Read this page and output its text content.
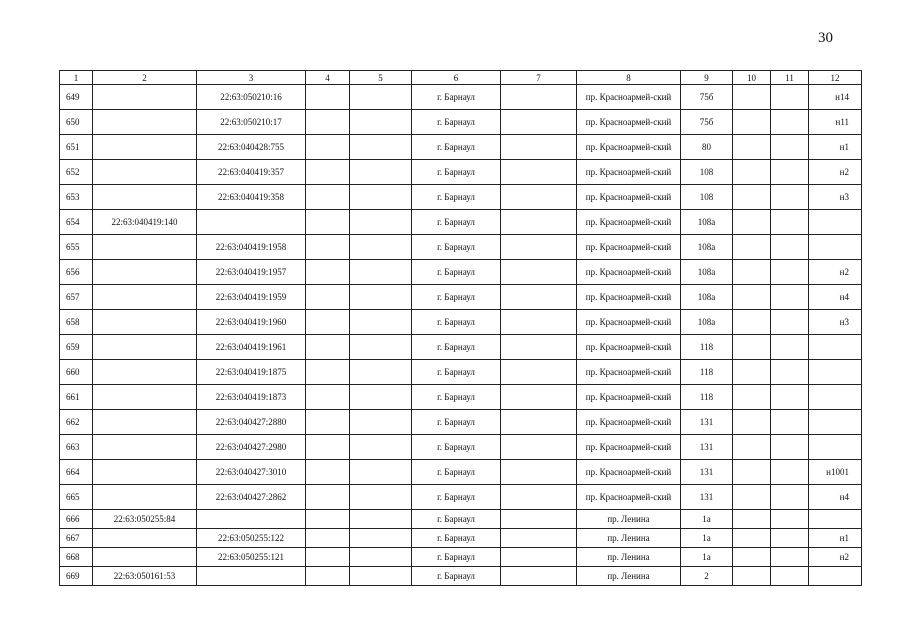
30
1	2	3	4	5	6	7	8	9	10	11	12
649		22:63:050210:16			г. Барнаул		пр. Красноармей-ский	75б			н14
650		22:63:050210:17			г. Барнаул		пр. Красноармей-ский	75б			н11
651		22:63:040428:755			г. Барнаул		пр. Красноармей-ский	80			н1
652		22:63:040419:357			г. Барнаул		пр. Красноармей-ский	108			н2
653		22:63:040419:358			г. Барнаул		пр. Красноармей-ский	108			н3
654	22:63:040419:140				г. Барнаул		пр. Красноармей-ский	108а			
655		22:63:040419:1958			г. Барнаул		пр. Красноармей-ский	108а			
656		22:63:040419:1957			г. Барнаул		пр. Красноармей-ский	108а			н2
657		22:63:040419:1959			г. Барнаул		пр. Красноармей-ский	108а			н4
658		22:63:040419:1960			г. Барнаул		пр. Красноармей-ский	108а			н3
659		22:63:040419:1961			г. Барнаул		пр. Красноармей-ский	118			
660		22:63:040419:1875			г. Барнаул		пр. Красноармей-ский	118			
661		22:63:040419:1873			г. Барнаул		пр. Красноармей-ский	118			
662		22:63:040427:2880			г. Барнаул		пр. Красноармей-ский	131			
663		22:63:040427:2980			г. Барнаул		пр. Красноармей-ский	131			
664		22:63:040427:3010			г. Барнаул		пр. Красноармей-ский	131			н1001
665		22:63:040427:2862			г. Барнаул		пр. Красноармей-ский	131			н4
666	22:63:050255:84				г. Барнаул		пр. Ленина	1а			
667		22:63:050255:122			г. Барнаул		пр. Ленина	1а			н1
668		22:63:050255:121			г. Барнаул		пр. Ленина	1а			н2
669	22:63:050161:53				г. Барнаул		пр. Ленина	2			
